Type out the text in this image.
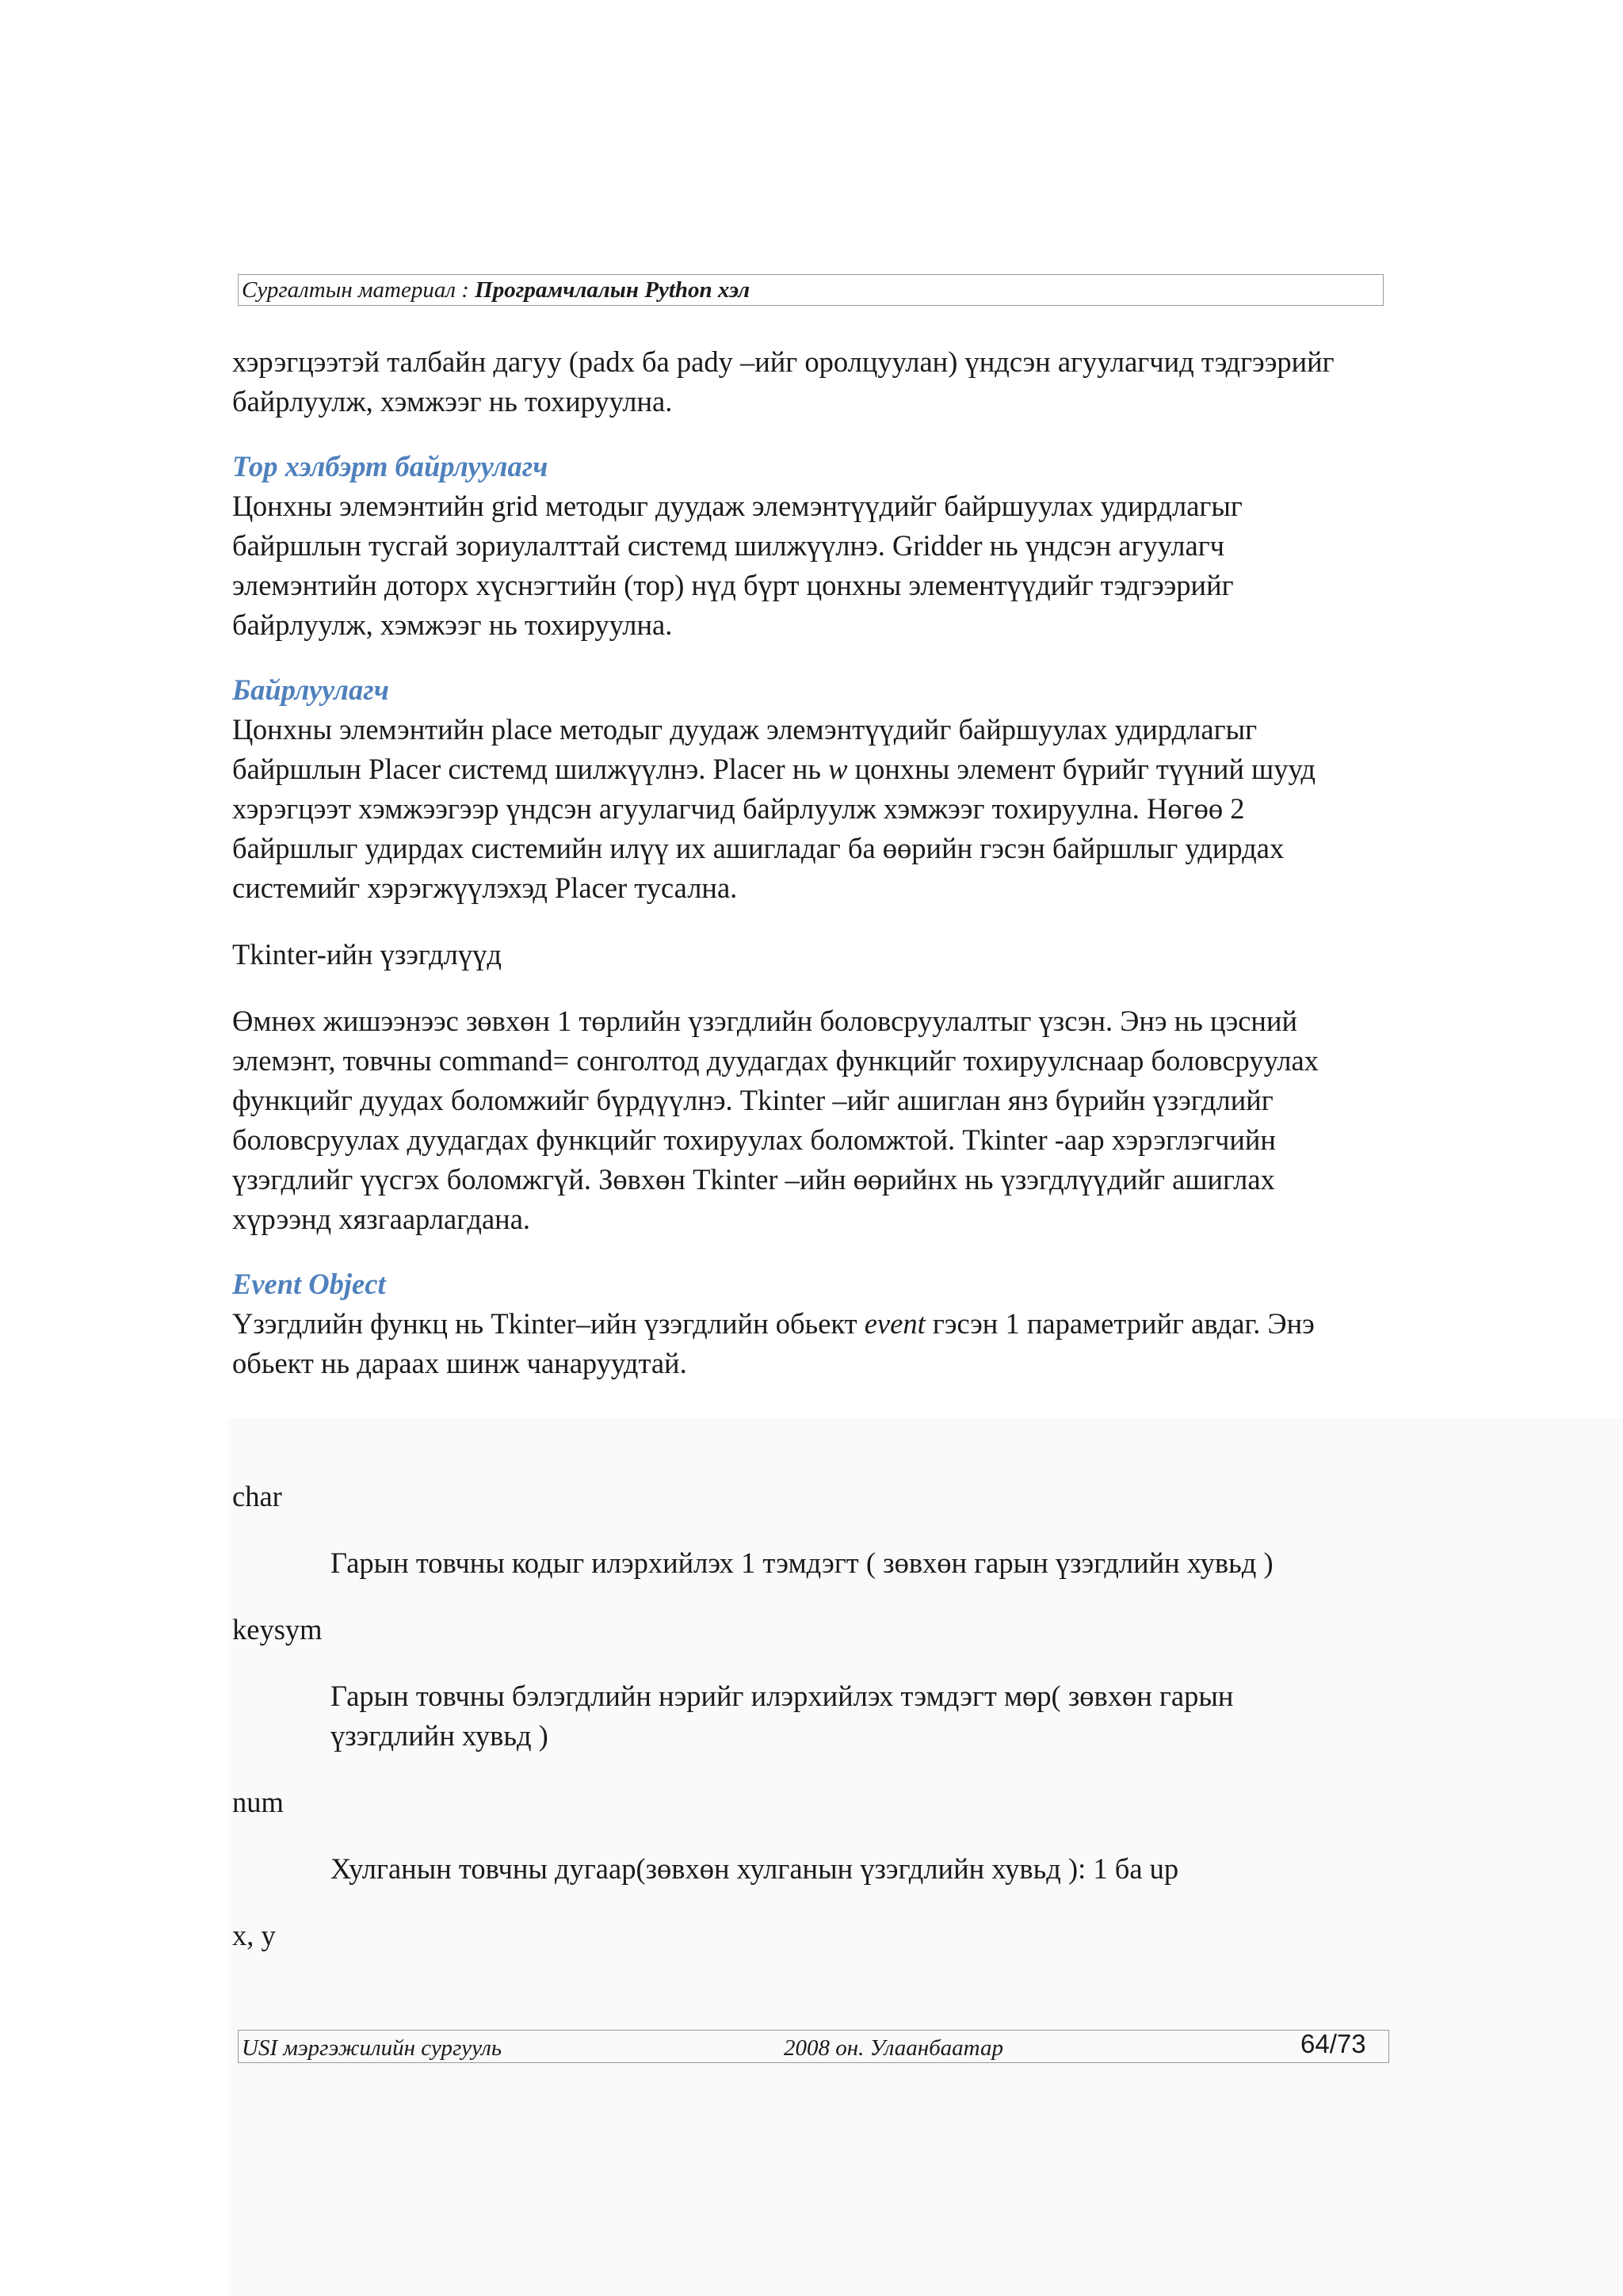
Сургалтын материал : Програмчлалын Python хэл

хэрэгцээтэй талбайн дагуу (padx ба pady –ийг оролцуулан) үндсэн агуулагчид тэдгээрийг
байрлуулж, хэмжээг нь тохируулна.

Тор хэлбэрт байрлуулагч

Цонхны элемэнтийн grid методыг дуудаж элемэнтүүдийг байршуулах удирдлагыг
байршлын тусгай зориулалттай системд шилжүүлнэ. Gridder нь үндсэн агуулагч
элемэнтийн доторх хүснэгтийн (тор) нүд бүрт цонхны элементүүдийг тэдгээрийг
байрлуулж, хэмжээг нь тохируулна.

Байрлуулагч

Цонхны элемэнтийн place методыг дуудаж элемэнтүүдийг байршуулах удирдлагыг
байршлын Placer системд шилжүүлнэ. Placer нь w цонхны элемент бүрийг түүний шууд
хэрэгцээт хэмжээгээр үндсэн агуулагчид байрлуулж хэмжээг тохируулна. Нөгөө 2
байршлыг удирдах системийн илүү их ашигладаг ба өөрийн гэсэн байршлыг удирдах
системийг хэрэгжүүлэхэд Placer тусална.

Tkinter-ийн үзэгдлүүд

Өмнөх жишээнээс зөвхөн 1 төрлийн үзэгдлийн боловсруулалтыг үзсэн. Энэ нь цэсний
элемэнт, товчны command= сонголтод дуудагдах функцийг тохируулснаар боловсруулах
функцийг дуудах боломжийг бүрдүүлнэ. Tkinter –ийг ашиглан янз бүрийн үзэгдлийг
боловсруулах дуудагдах функцийг тохируулах боломжтой. Tkinter -аар хэрэглэгчийн
үзэгдлийг үүсгэх боломжгүй. Зөвхөн Tkinter –ийн өөрийнх нь үзэгдлүүдийг ашиглах
хүрээнд хязгаарлагдана.

Event Object

Үзэгдлийн функц нь Tkinter–ийн үзэгдлийн обьект event гэсэн 1 параметрийг авдаг. Энэ
обьект нь дараах шинж чанаруудтай.

char

Гарын товчны кодыг илэрхийлэх 1 тэмдэгт ( зөвхөн гарын үзэгдлийн хувьд )

keysym

Гарын товчны бэлэгдлийн нэрийг илэрхийлэх тэмдэгт мөр( зөвхөн гарын
үзэгдлийн хувьд )

num

Хулганын товчны дугаар(зөвхөн хулганын үзэгдлийн хувьд ): 1 ба up

x, y

USI мэргэжилийн сургууль	2008 он. Улаанбаатар	64/73
